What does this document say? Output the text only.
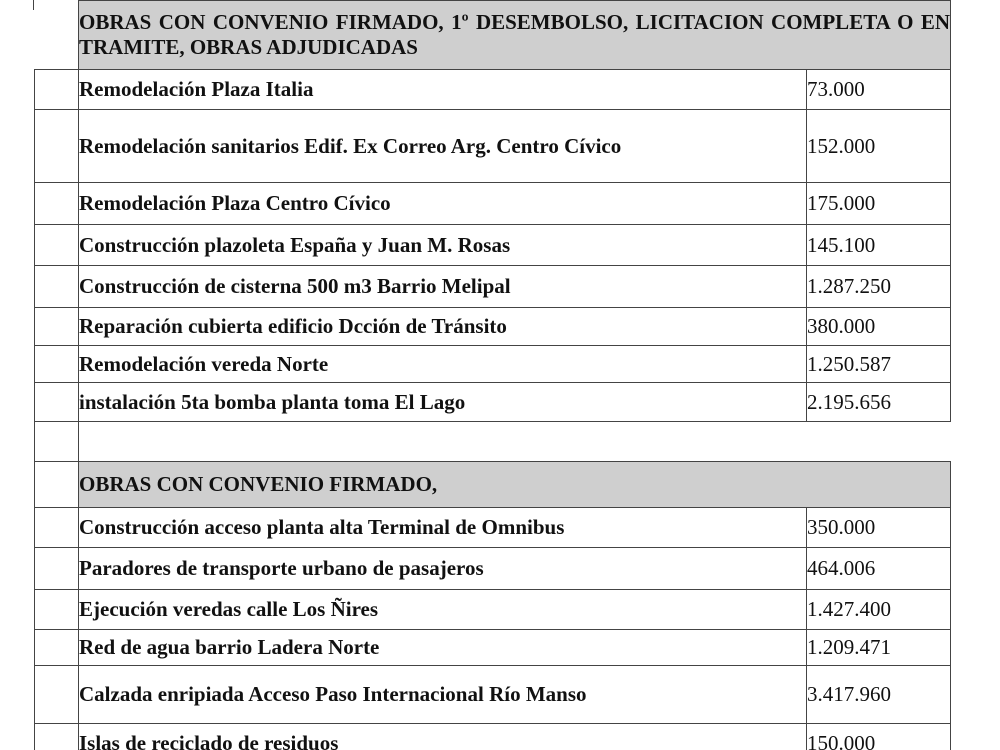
	OBRAS CON CONVENIO FIRMADO, 1º DESEMBOLSO, LICITACION COMPLETA O EN TRAMITE, OBRAS ADJUDICADAS	
	Remodelación Plaza Italia	73.000
	Remodelación sanitarios Edif. Ex Correo Arg. Centro Cívico	152.000
	Remodelación Plaza Centro Cívico	175.000
	Construcción plazoleta España y Juan M. Rosas	145.100
	Construcción de cisterna 500 m3 Barrio Melipal	1.287.250
	Reparación cubierta edificio Dcción de Tránsito	380.000
	Remodelación vereda Norte	1.250.587
	instalación 5ta bomba planta toma El Lago	2.195.656

	OBRAS CON CONVENIO FIRMADO,	
	Construcción acceso planta alta Terminal de Omnibus	350.000
	Paradores de transporte urbano de pasajeros	464.006
	Ejecución veredas calle Los Ñires	1.427.400
	Red de agua barrio Ladera Norte	1.209.471
	Calzada enripiada Acceso Paso Internacional Río Manso	3.417.960
	Islas de reciclado de residuos	150.000
